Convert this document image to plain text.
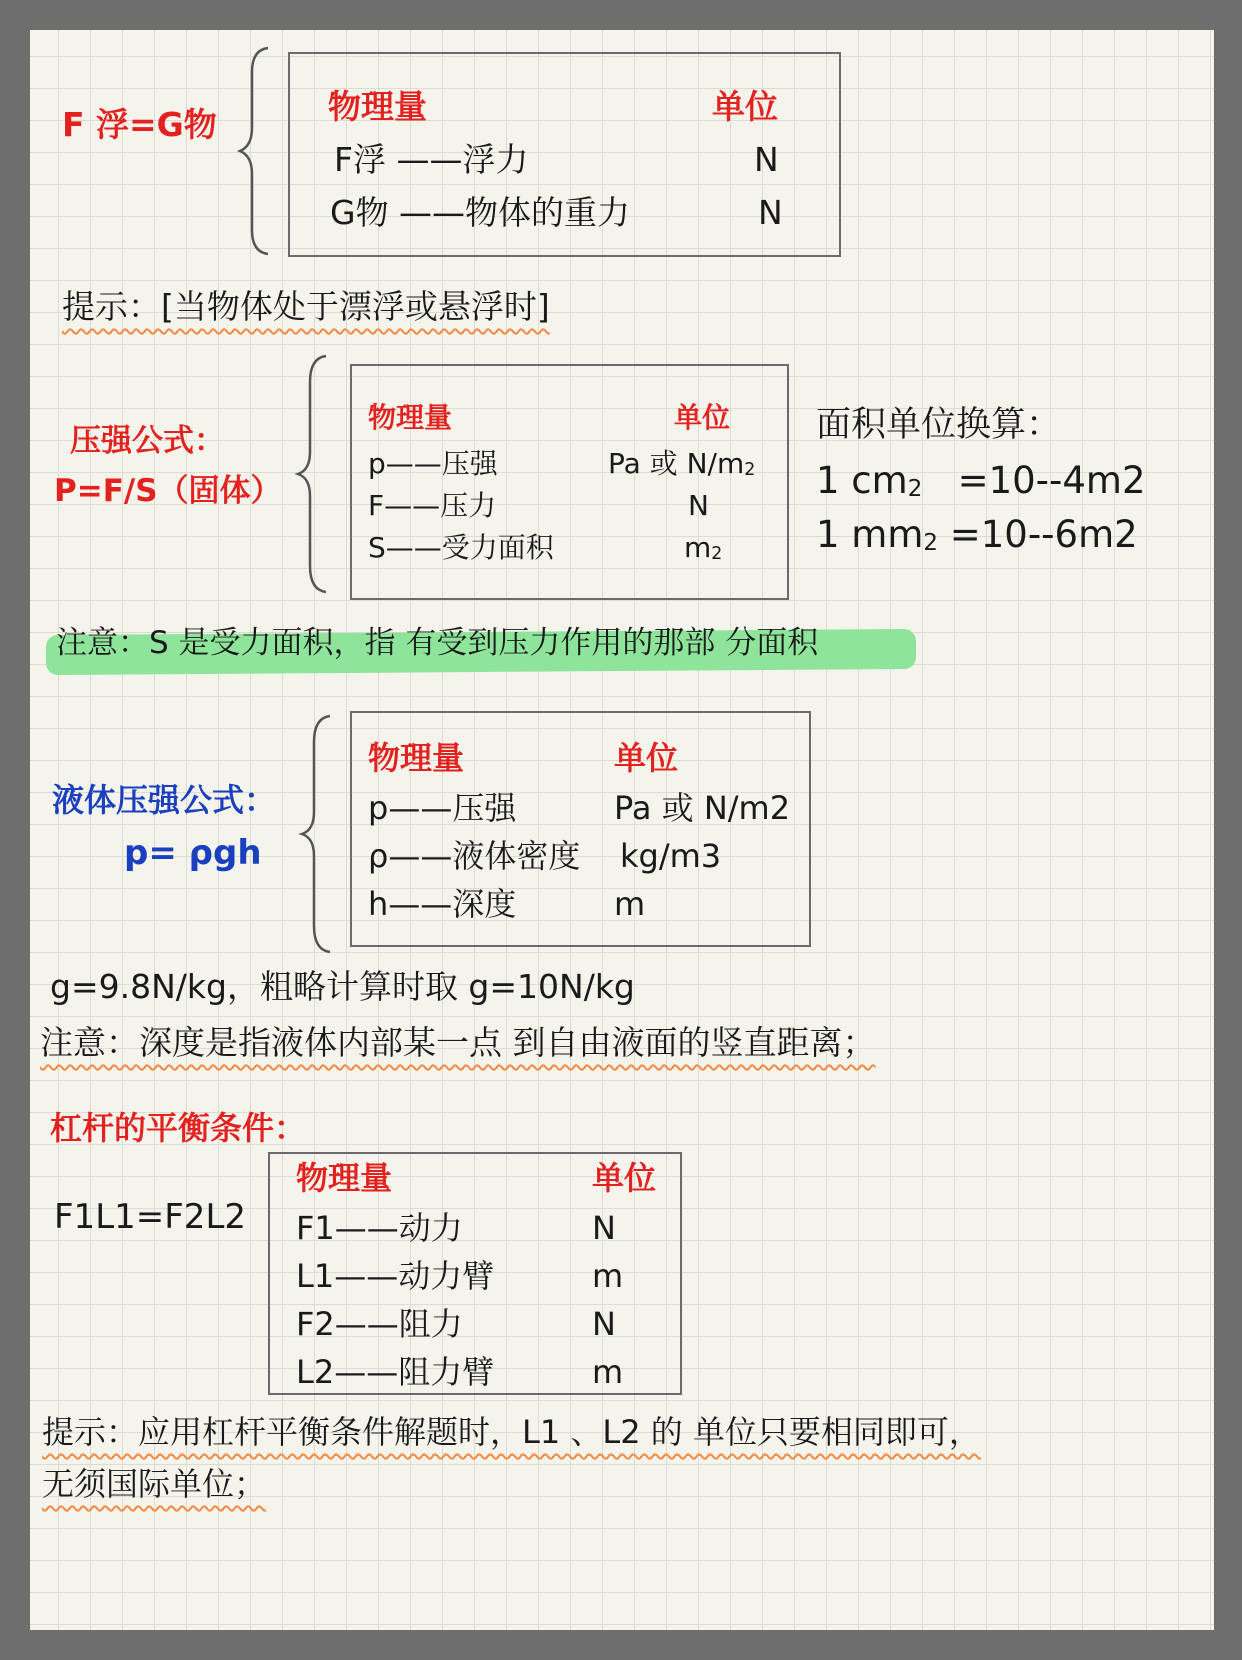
F 浮=G物	物理量	单位
F浮 ——浮力	N
G物 ——物体的重力	N
提示：[当物体处于漂浮或悬浮时]
压强公式：
P=F/S（固体）
物理量	单位
p——压强	Pa 或 $N/m_2$
F——压力	N
S——受力面积	$m_2$
面积单位换算：
1 $cm_2 =10--4m2$
1 $mm_2 =10--6m2$
注意：S 是受力面积，指 有受到压力作用的那部 分面积
液体压强公式：
p= ρgh
物理量	单位
p——压强	Pa 或 N/m2
ρ——液体密度 kg/m3
h——深度	m
g=9.8N/kg，粗略计算时取 g=10N/kg
注意：深度是指液体内部某一点 到自由液面的竖直距离；
杠杆的平衡条件：
F1L1=F2L2
物理量	单位
F1——动力	N
L1——动力臂	m
F2——阻力	N
L2——阻力臂	m
提示：应用杠杆平衡条件解题时，L1 、L2 的 单位只要相同即可，
无须国际单位；
